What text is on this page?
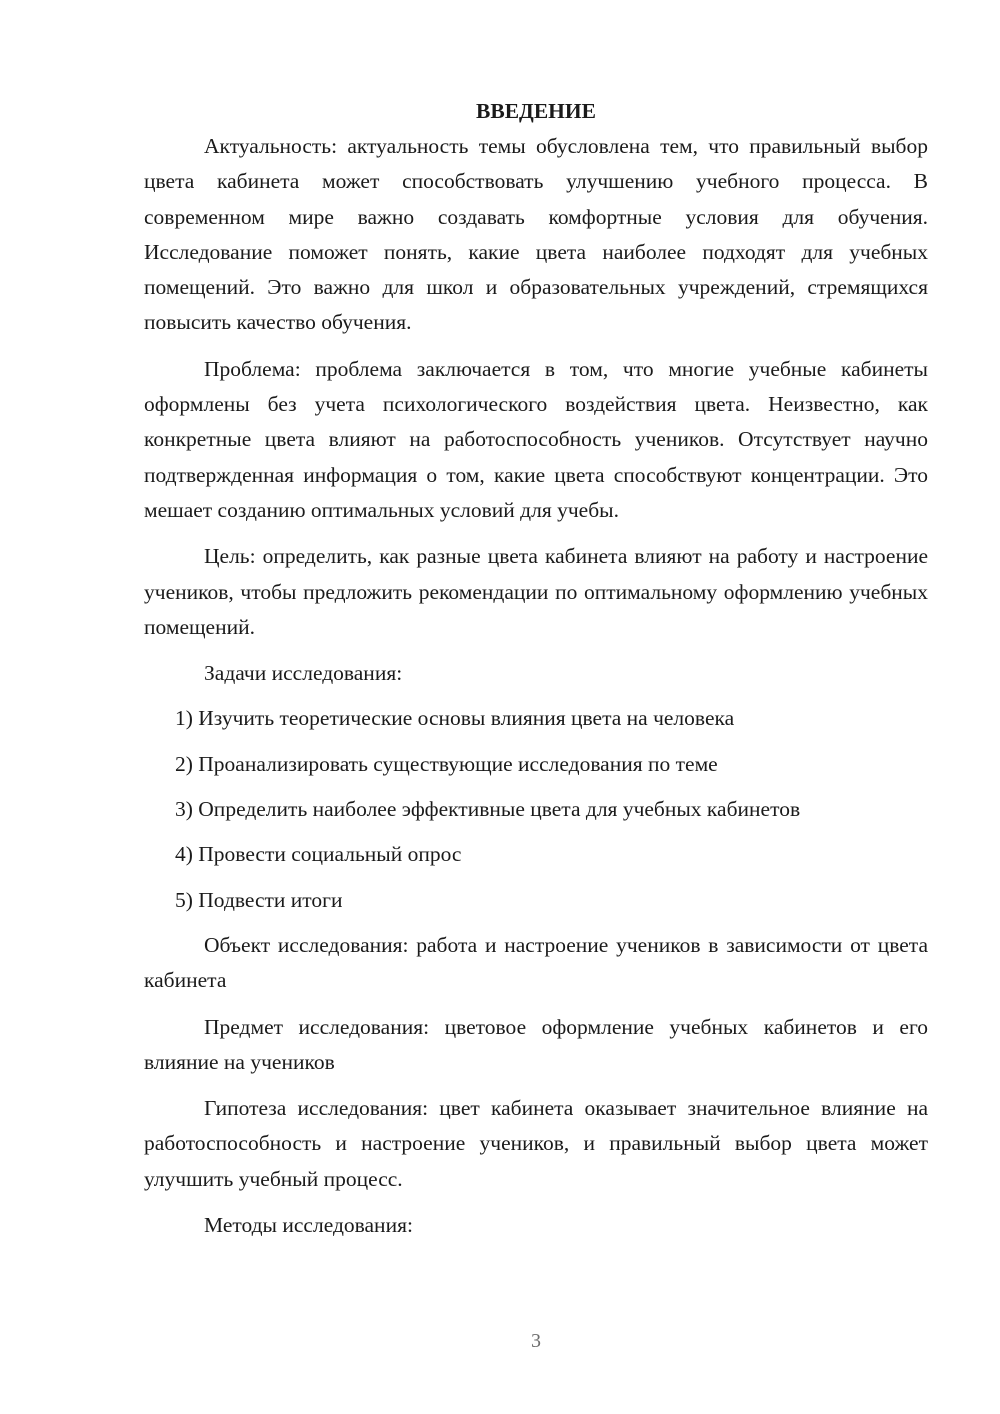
ВВЕДЕНИЕ

Актуальность: актуальность темы обусловлена тем, что правильный выбор цвета кабинета может способствовать улучшению учебного процесса. В современном мире важно создавать комфортные условия для обучения. Исследование поможет понять, какие цвета наиболее подходят для учебных помещений. Это важно для школ и образовательных учреждений, стремящихся повысить качество обучения.

Проблема: проблема заключается в том, что многие учебные кабинеты оформлены без учета психологического воздействия цвета. Неизвестно, как конкретные цвета влияют на работоспособность учеников. Отсутствует научно подтвержденная информация о том, какие цвета способствуют концентрации. Это мешает созданию оптимальных условий для учебы.

Цель: определить, как разные цвета кабинета влияют на работу и настроение учеников, чтобы предложить рекомендации по оптимальному оформлению учебных помещений.

Задачи исследования:

1) Изучить теоретические основы влияния цвета на человека
2) Проанализировать существующие исследования по теме
3) Определить наиболее эффективные цвета для учебных кабинетов
4) Провести социальный опрос
5) Подвести итоги

Объект исследования: работа и настроение учеников в зависимости от цвета кабинета

Предмет исследования: цветовое оформление учебных кабинетов и его влияние на учеников

Гипотеза исследования: цвет кабинета оказывает значительное влияние на работоспособность и настроение учеников, и правильный выбор цвета может улучшить учебный процесс.

Методы исследования:

3
